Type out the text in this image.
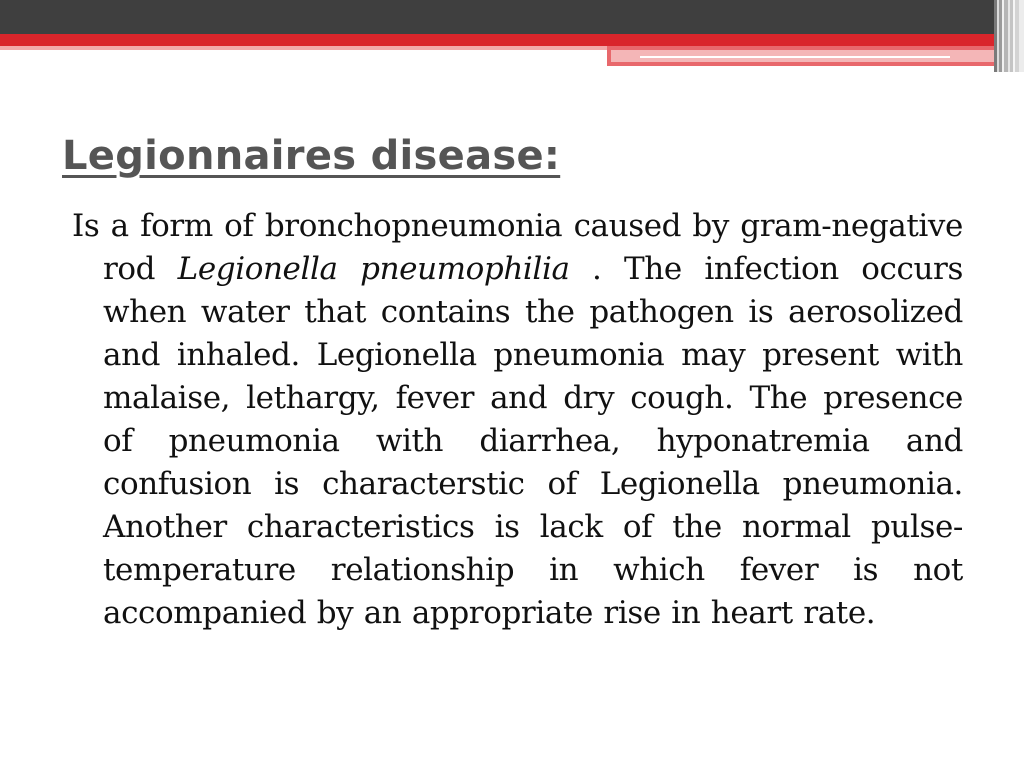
Legionnaires disease:

Is a form of bronchopneumonia caused by gram-negative rod Legionella pneumophilia . The infection occurs when water that contains the pathogen is aerosolized and inhaled. Legionella pneumonia may present with malaise, lethargy, fever and dry cough. The presence of pneumonia with diarrhea, hyponatremia and confusion is characterstic of Legionella pneumonia. Another characteristics is lack of the normal pulse-temperature relationship in which fever is not accompanied by an appropriate rise in heart rate.
